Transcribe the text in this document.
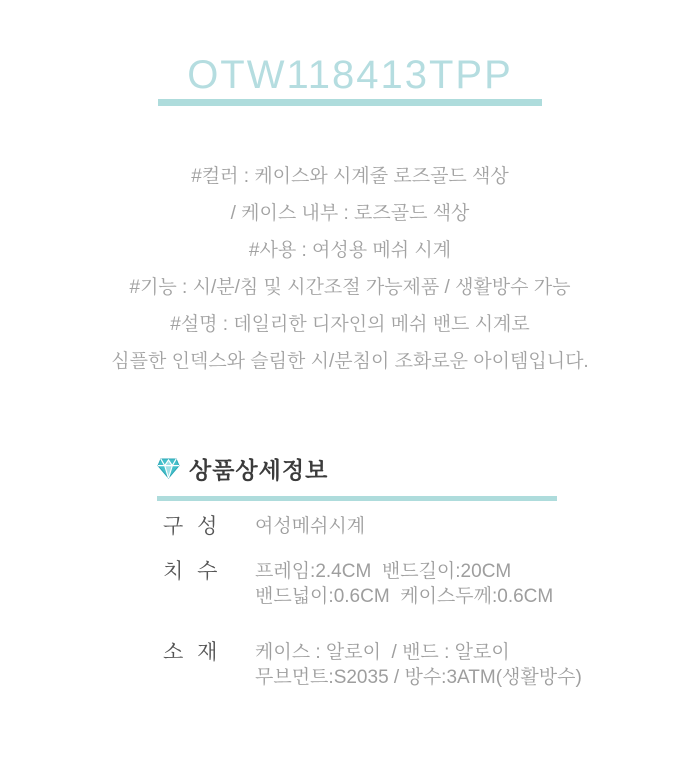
OTW118413TPP

#컬러 : 케이스와 시계줄 로즈골드 색상

/ 케이스 내부 : 로즈골드 색상

#사용 : 여성용 메쉬 시계

#기능 : 시/분/침 및 시간조절 가능제품 / 생활방수 가능

#설명 : 데일리한 디자인의 메쉬 밴드 시계로

심플한 인덱스와 슬림한 시/분침이 조화로운 아이템입니다.

상품상세정보
구 성	여성메쉬시계
치 수	프레임:2.4CM  밴드길이:20CM
밴드넓이:0.6CM  케이스두께:0.6CM
소 재	케이스 : 알로이  / 밴드 : 알로이
무브먼트:S2035 / 방수:3ATM(생활방수)
